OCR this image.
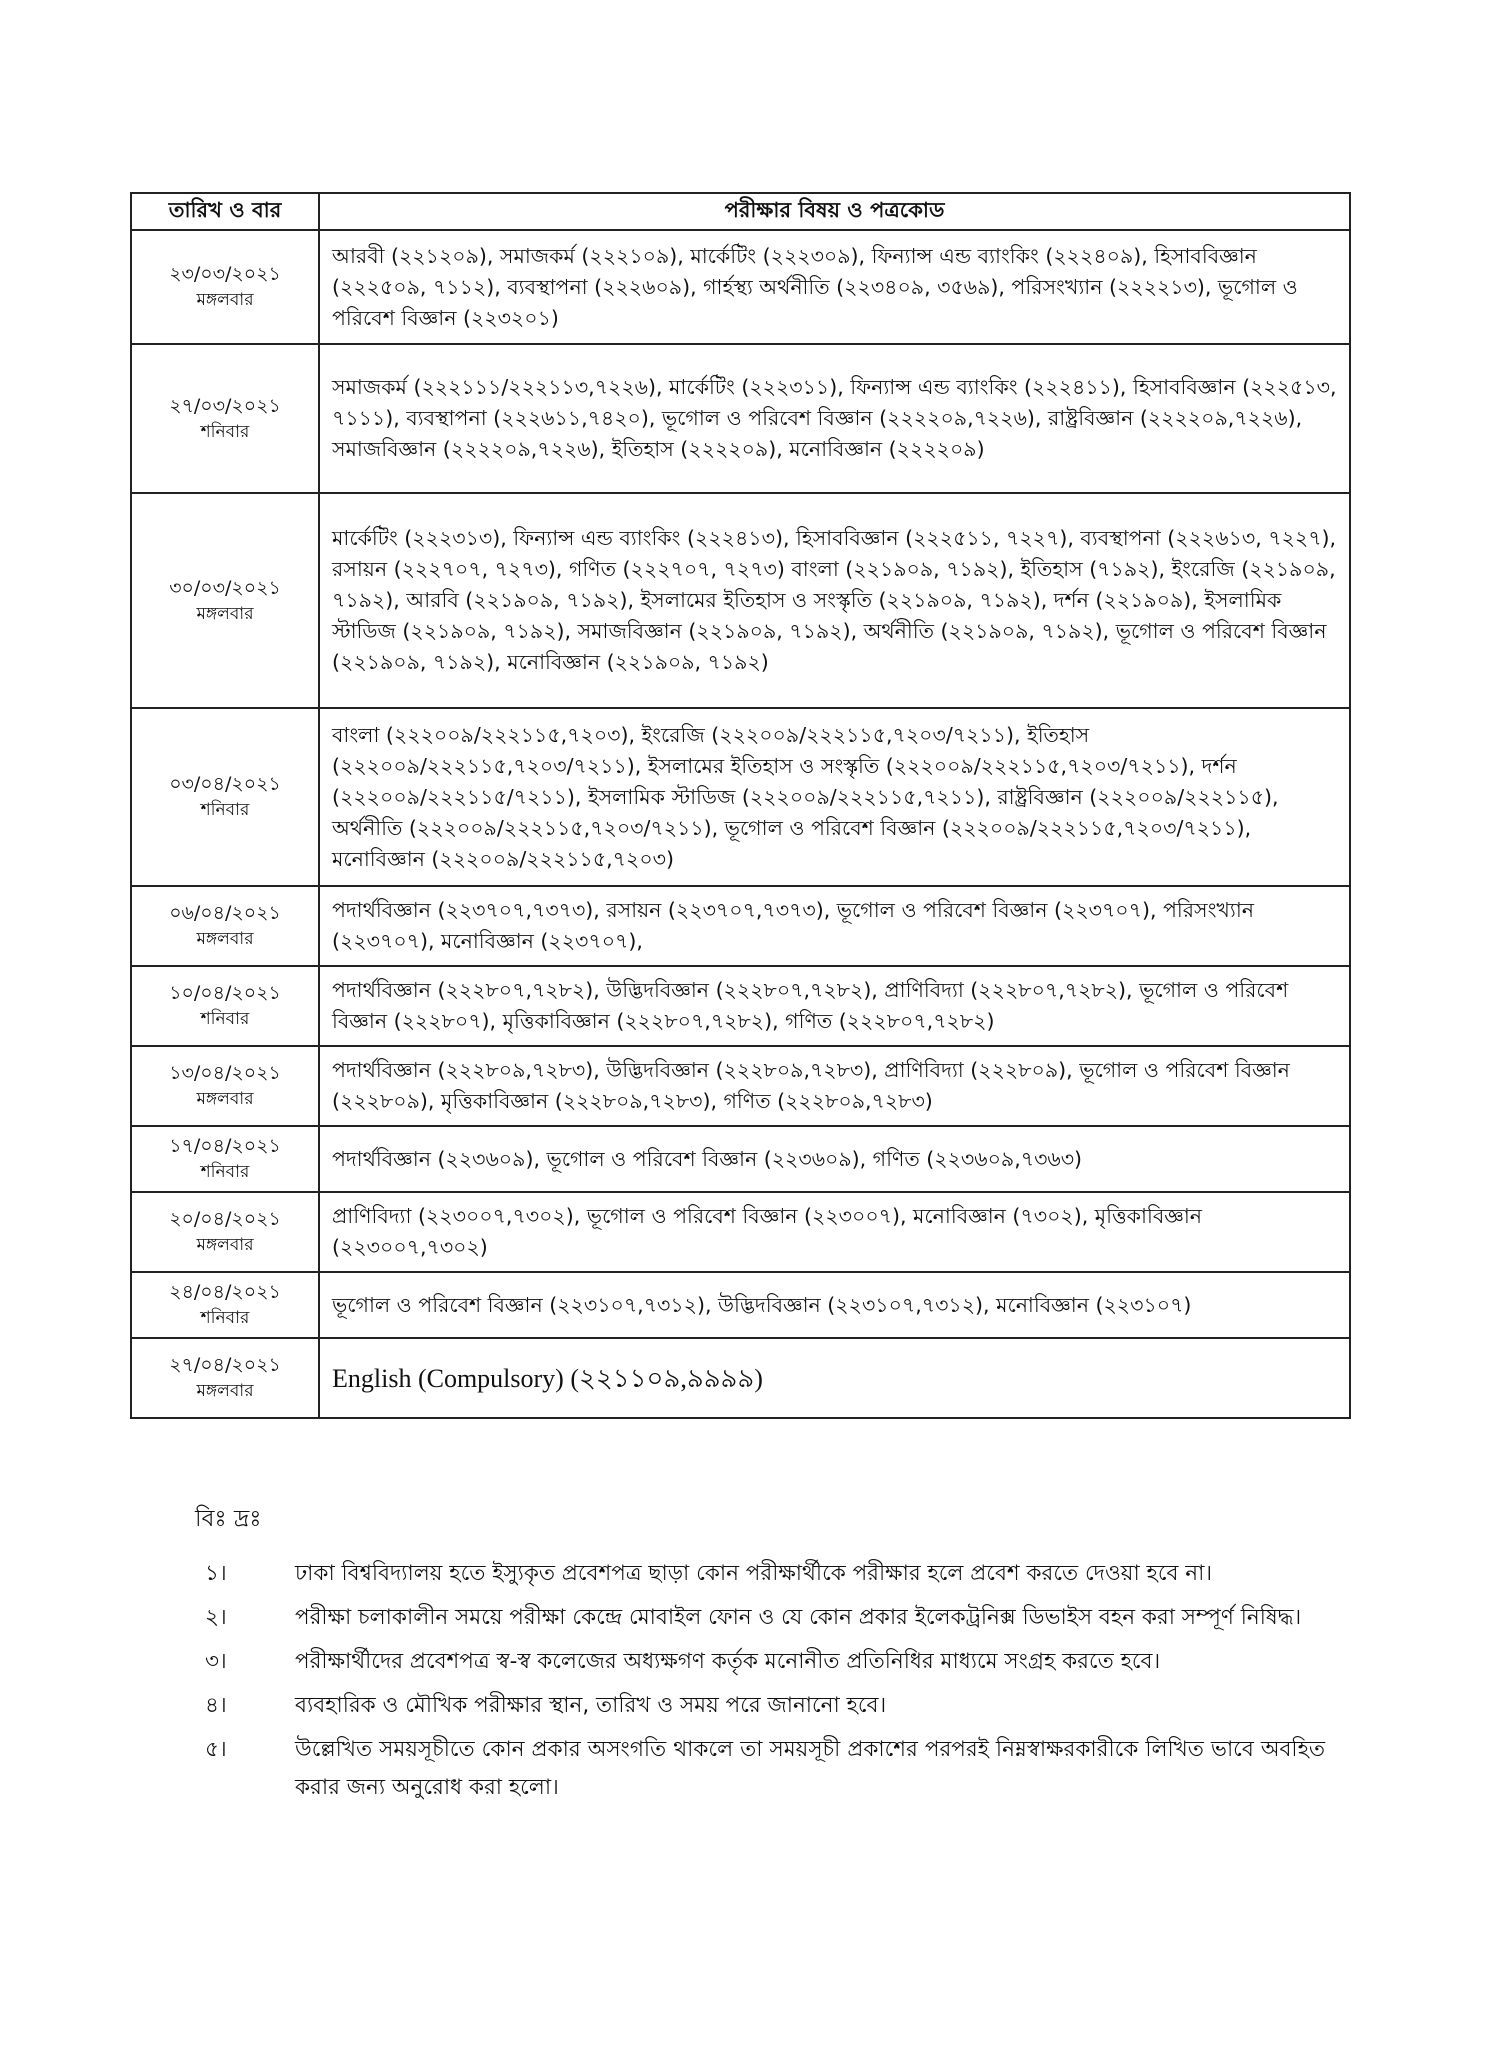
তারিখ ও বার	পরীক্ষার বিষয় ও পত্রকোড

২৩/০৩/২০২১
মঙ্গলবার	আরবী (২২১২০৯), সমাজকর্ম (২২২১০৯), মার্কেটিং (২২২৩০৯), ফিন্যান্স এন্ড ব্যাংকিং (২২২৪০৯), হিসাববিজ্ঞান (২২২৫০৯, ৭১১২), ব্যবস্থাপনা (২২২৬০৯), গার্হস্থ্য অর্থনীতি (২২৩৪০৯, ৩৫৬৯), পরিসংখ্যান (২২২২১৩), ভূগোল ও পরিবেশ বিজ্ঞান (২২৩২০১)

২৭/০৩/২০২১
শনিবার	সমাজকর্ম (২২২১১১/২২২১১৩,৭২২৬), মার্কেটিং (২২২৩১১), ফিন্যান্স এন্ড ব্যাংকিং (২২২৪১১), হিসাববিজ্ঞান (২২২৫১৩, ৭১১১), ব্যবস্থাপনা (২২২৬১১,৭৪২০), ভূগোল ও পরিবেশ বিজ্ঞান (২২২২০৯,৭২২৬), রাষ্ট্রবিজ্ঞান (২২২২০৯,৭২২৬), সমাজবিজ্ঞান (২২২২০৯,৭২২৬), ইতিহাস (২২২২০৯), মনোবিজ্ঞান (২২২২০৯)

৩০/০৩/২০২১
মঙ্গলবার	মার্কেটিং (২২২৩১৩), ফিন্যান্স এন্ড ব্যাংকিং (২২২৪১৩), হিসাববিজ্ঞান (২২২৫১১, ৭২২৭), ব্যবস্থাপনা (২২২৬১৩, ৭২২৭), রসায়ন (২২২৭০৭, ৭২৭৩), গণিত (২২২৭০৭, ৭২৭৩) বাংলা (২২১৯০৯, ৭১৯২), ইতিহাস (৭১৯২), ইংরেজি (২২১৯০৯, ৭১৯২), আরবি (২২১৯০৯, ৭১৯২), ইসলামের ইতিহাস ও সংস্কৃতি (২২১৯০৯, ৭১৯২), দর্শন (২২১৯০৯), ইসলামিক স্টাডিজ (২২১৯০৯, ৭১৯২), সমাজবিজ্ঞান (২২১৯০৯, ৭১৯২), অর্থনীতি (২২১৯০৯, ৭১৯২), ভূগোল ও পরিবেশ বিজ্ঞান (২২১৯০৯, ৭১৯২), মনোবিজ্ঞান (২২১৯০৯, ৭১৯২)

০৩/০৪/২০২১
শনিবার	বাংলা (২২২০০৯/২২২১১৫,৭২০৩), ইংরেজি (২২২০০৯/২২২১১৫,৭২০৩/৭২১১), ইতিহাস (২২২০০৯/২২২১১৫,৭২০৩/৭২১১), ইসলামের ইতিহাস ও সংস্কৃতি (২২২০০৯/২২২১১৫,৭২০৩/৭২১১), দর্শন (২২২০০৯/২২২১১৫/৭২১১), ইসলামিক স্টাডিজ (২২২০০৯/২২২১১৫,৭২১১), রাষ্ট্রবিজ্ঞান (২২২০০৯/২২২১১৫), অর্থনীতি (২২২০০৯/২২২১১৫,৭২০৩/৭২১১), ভূগোল ও পরিবেশ বিজ্ঞান (২২২০০৯/২২২১১৫,৭২০৩/৭২১১), মনোবিজ্ঞান (২২২০০৯/২২২১১৫,৭২০৩)

০৬/০৪/২০২১
মঙ্গলবার	পদার্থবিজ্ঞান (২২৩৭০৭,৭৩৭৩), রসায়ন (২২৩৭০৭,৭৩৭৩), ভূগোল ও পরিবেশ বিজ্ঞান (২২৩৭০৭), পরিসংখ্যান (২২৩৭০৭), মনোবিজ্ঞান (২২৩৭০৭),

১০/০৪/২০২১
শনিবার	পদার্থবিজ্ঞান (২২২৮০৭,৭২৮২), উদ্ভিদবিজ্ঞান (২২২৮০৭,৭২৮২), প্রাণিবিদ্যা (২২২৮০৭,৭২৮২), ভূগোল ও পরিবেশ বিজ্ঞান (২২২৮০৭), মৃত্তিকাবিজ্ঞান (২২২৮০৭,৭২৮২), গণিত (২২২৮০৭,৭২৮২)

১৩/০৪/২০২১
মঙ্গলবার	পদার্থবিজ্ঞান (২২২৮০৯,৭২৮৩), উদ্ভিদবিজ্ঞান (২২২৮০৯,৭২৮৩), প্রাণিবিদ্যা (২২২৮০৯), ভূগোল ও পরিবেশ বিজ্ঞান (২২২৮০৯), মৃত্তিকাবিজ্ঞান (২২২৮০৯,৭২৮৩), গণিত (২২২৮০৯,৭২৮৩)

১৭/০৪/২০২১
শনিবার	পদার্থবিজ্ঞান (২২৩৬০৯), ভূগোল ও পরিবেশ বিজ্ঞান (২২৩৬০৯), গণিত (২২৩৬০৯,৭৩৬৩)

২০/০৪/২০২১
মঙ্গলবার	প্রাণিবিদ্যা (২২৩০০৭,৭৩০২), ভূগোল ও পরিবেশ বিজ্ঞান (২২৩০০৭), মনোবিজ্ঞান (৭৩০২), মৃত্তিকাবিজ্ঞান (২২৩০০৭,৭৩০২)

২৪/০৪/২০২১
শনিবার	ভূগোল ও পরিবেশ বিজ্ঞান (২২৩১০৭,৭৩১২), উদ্ভিদবিজ্ঞান (২২৩১০৭,৭৩১২), মনোবিজ্ঞান (২২৩১০৭)

২৭/০৪/২০২১
মঙ্গলবার	English (Compulsory) (২২১১০৯,৯৯৯৯)
বিঃ দ্রঃ
১।	ঢাকা বিশ্ববিদ্যালয় হতে ইস্যুকৃত প্রবেশপত্র ছাড়া কোন পরীক্ষার্থীকে পরীক্ষার হলে প্রবেশ করতে দেওয়া হবে না।
২।	পরীক্ষা চলাকালীন সময়ে পরীক্ষা কেন্দ্রে মোবাইল ফোন ও যে কোন প্রকার ইলেকট্রনিক্স ডিভাইস বহন করা সম্পূর্ণ নিষিদ্ধ।
৩।	পরীক্ষার্থীদের প্রবেশপত্র স্ব-স্ব কলেজের অধ্যক্ষগণ কর্তৃক মনোনীত প্রতিনিধির মাধ্যমে সংগ্রহ করতে হবে।
৪।	ব্যবহারিক ও মৌখিক পরীক্ষার স্থান, তারিখ ও সময় পরে জানানো হবে।
৫।	উল্লেখিত সময়সূচীতে কোন প্রকার অসংগতি থাকলে তা সময়সূচী প্রকাশের পরপরই নিম্নস্বাক্ষরকারীকে লিখিত ভাবে অবহিত করার জন্য অনুরোধ করা হলো।
